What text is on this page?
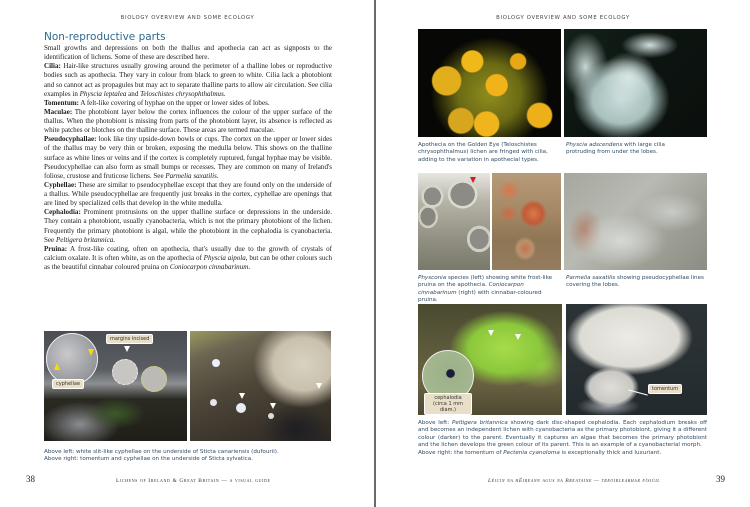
BIOLOGY OVERVIEW AND SOME ECOLOGY
Non-reproductive parts

Small growths and depressions on both the thallus and apothecia can act as signposts to the identification of lichens. Some of these are described here.

Cilia: Hair-like structures usually growing around the perimeter of a thalline lobes or reproductive bodies such as apothecia. They vary in colour from black to green to white. Cilia lack a photobiont and so cannot act as propagules but may act to separate thalline parts to allow air circulation. See cilia examples in Physcia leptalea and Teloschistes chrysophthalmus.

Tomentum: A felt-like covering of hyphae on the upper or lower sides of lobes.

Maculae: The photobiont layer below the cortex influences the colour of the upper surface of the thallus. When the photobiont is missing from parts of the photobiont layer, its absence is reflected as white patches or blotches on the thalline surface. These areas are termed maculae.

Pseudocyphallae: look like tiny upside-down bowls or cups. The cortex on the upper or lower sides of the thallus may be very thin or broken, exposing the medulla below. This shows on the thalline surface as white lines or veins and if the cortex is completely ruptured, fungal hyphae may be visible. Pseudocyphellae can also form as small bumps or recesses. They are common on many of Ireland's foliose, crustose and fruticose lichens. See Parmelia saxatilis.

Cyphellae: These are similar to pseudocyphellae except that they are found only on the underside of a thallus. While pseudocyphellae are frequently just breaks in the cortex, cyphellae are openings that are lined by specialized cells that develop in the white medulla.

Cephalodia: Prominent protrusions on the upper thalline surface or depressions in the underside. They contain a photobiont, usually cyanobacteria, which is not the primary photobiont of the lichen. Frequently the primary photobiont is algal, while the photobiont in the cephalodia is cyanobacteria. See Peltigera britannica.

Pruina: A frost-like coating, often on apothecia, that's usually due to the growth of crystals of calcium oxalate. It is often white, as on the apothecia of Physcia aipola, but can be other colours such as the beautiful cinnabar coloured pruina on Coniocarpon cinnabarinum.

cyphellae
margins incised
Above left: white slit-like cyphellae on the underside of Sticta canariensis (dufourii).
Above right: tomentum and cyphellae on the underside of Sticta sylvatica.
38	Lichens of Ireland & Great Britain — a visual guide
BIOLOGY OVERVIEW AND SOME ECOLOGY
Apothecia on the Golden Eye (Teloschistes chrysophthalmus) lichen are fringed with cilia, adding to the variation in apothecial types.
Physcia adscendens with large cilia protruding from under the lobes.
Physconia species (left) showing white frost-like pruina on the apothecia. Coniocarpon cinnabarinum (right) with cinnabar-coloured pruina.
Parmelia saxatilis showing pseudocyphellae lines covering the lobes.
cephalodia (circa 1 mm diam.)
tomentum
Above left: Peltigera britannica showing dark disc-shaped cephalodia. Each cephalodium breaks off and becomes an independent lichen with cyanobacteria as the primary photobiont, giving it a different colour (darker) to the parent. Eventually it captures an algae that becomes the primary photobiont and the lichen develops the green colour of its parent. This is an example of a cyanobacterial morph.
Above right: the tomentum of Pectenia cyanoloma is exceptionally thick and luxuriant.
Léicin na hÉireann agus na Breataine — treoirleabhar físiúil	39
